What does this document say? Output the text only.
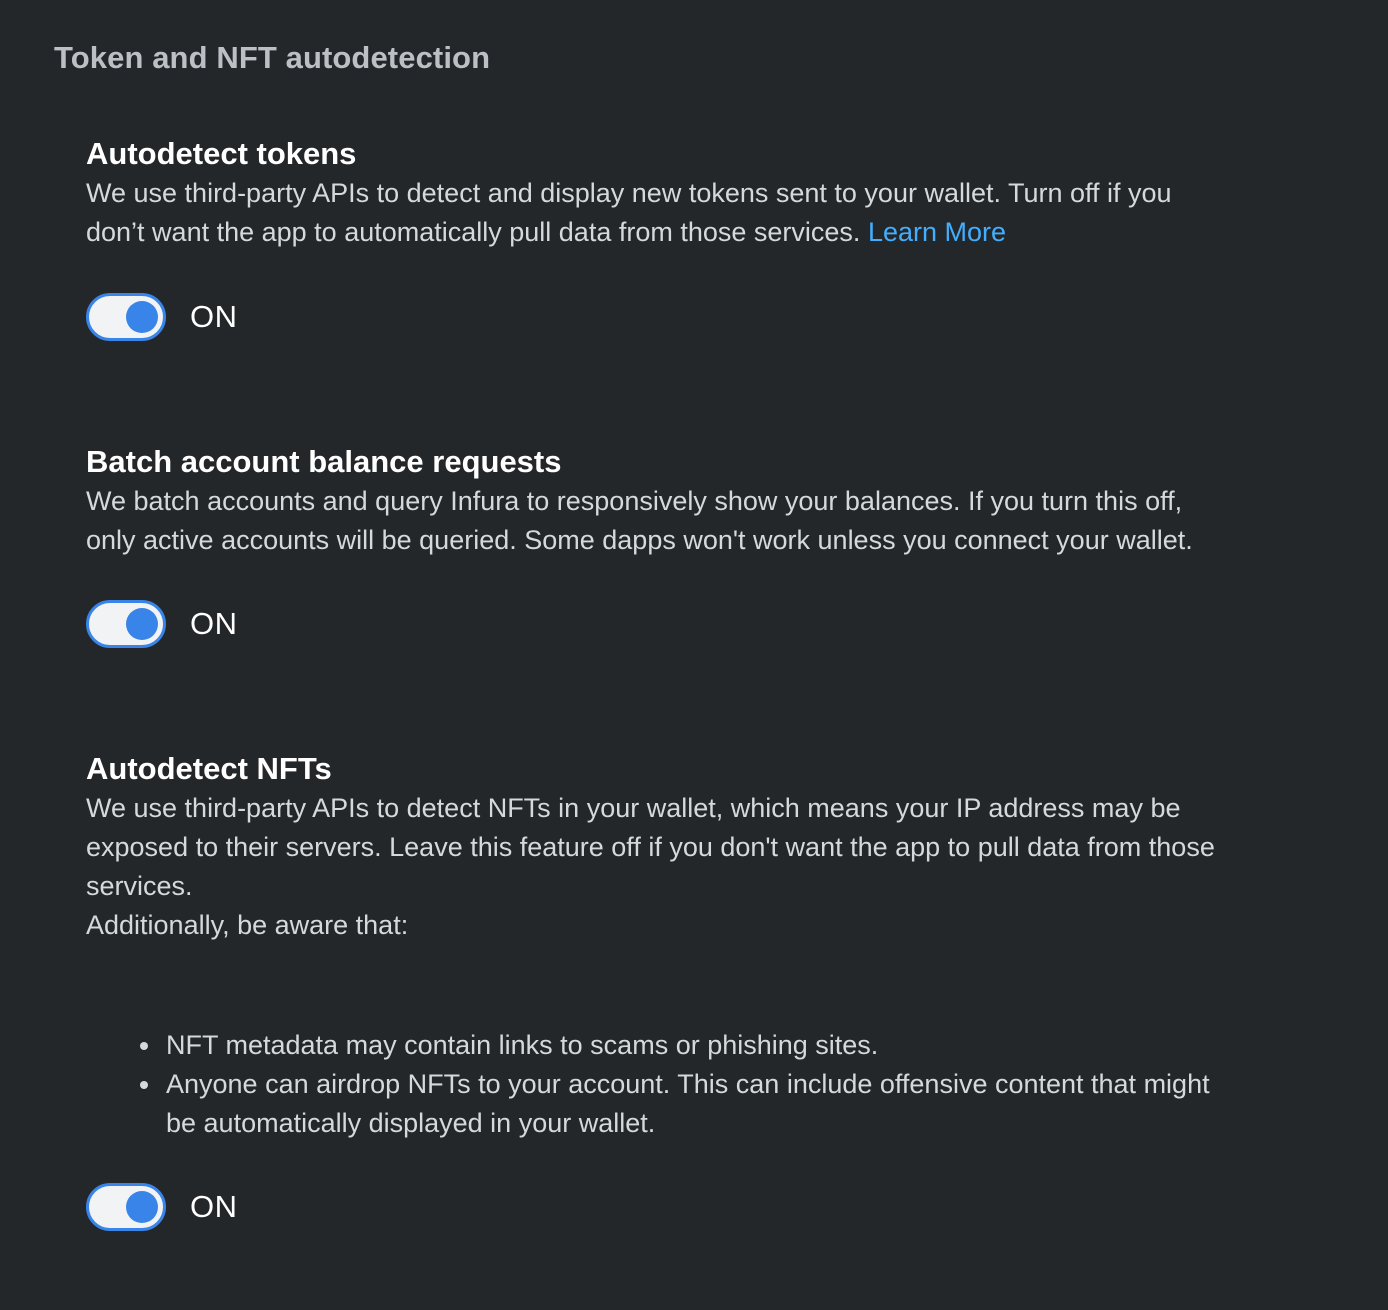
Token and NFT autodetection
Autodetect tokens
We use third-party APIs to detect and display new tokens sent to your wallet. Turn off if you
don’t want the app to automatically pull data from those services. Learn More
ON
Batch account balance requests
We batch accounts and query Infura to responsively show your balances. If you turn this off,
only active accounts will be queried. Some dapps won't work unless you connect your wallet.
ON
Autodetect NFTs
We use third-party APIs to detect NFTs in your wallet, which means your IP address may be
exposed to their servers. Leave this feature off if you don't want the app to pull data from those
services.
Additionally, be aware that:
NFT metadata may contain links to scams or phishing sites.
Anyone can airdrop NFTs to your account. This can include offensive content that might
be automatically displayed in your wallet.
ON
